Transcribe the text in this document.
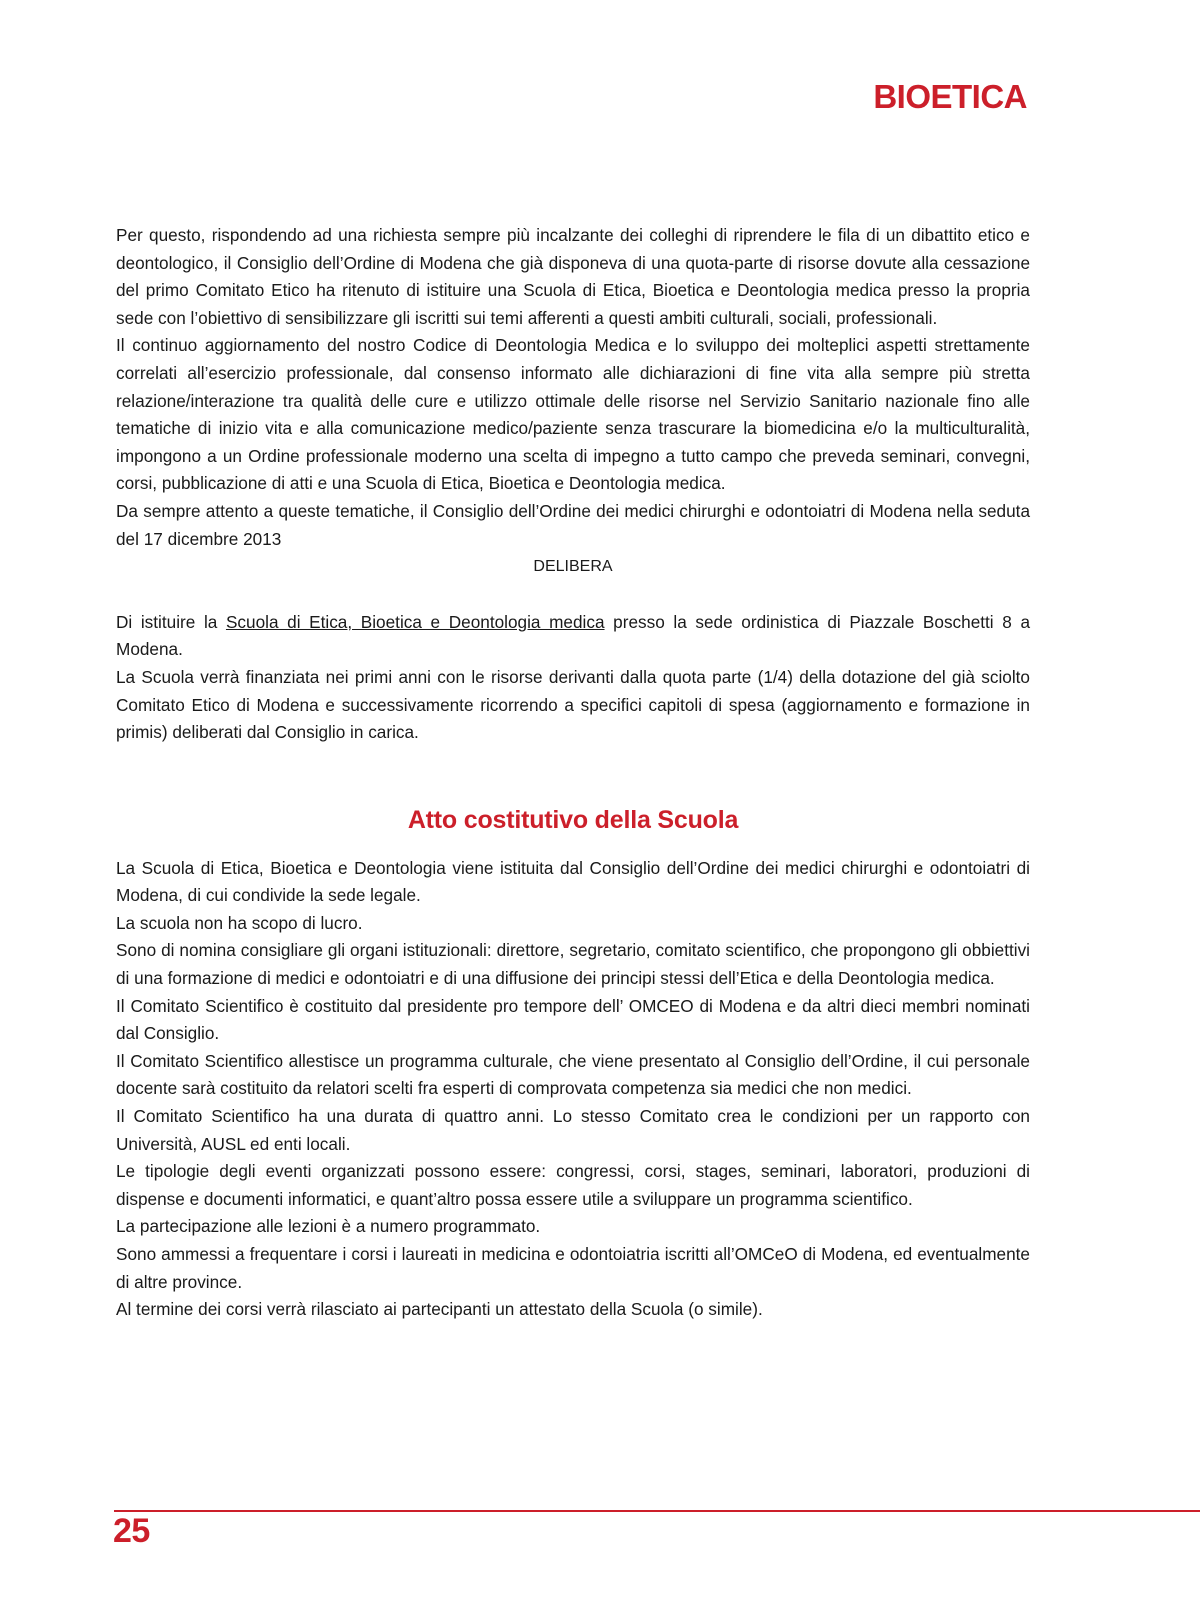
BIOETICA

Per questo, rispondendo ad una richiesta sempre più incalzante dei colleghi di riprendere le fila di un dibattito etico e deontologico, il Consiglio dell’Ordine di Modena che già disponeva di una quota-parte di risorse dovute alla cessazione del primo Comitato Etico ha ritenuto di istituire una Scuola di Etica, Bioetica e Deontologia medica presso la propria sede con l’obiettivo di sensibilizzare gli iscritti sui temi afferenti a questi ambiti culturali, sociali, professionali.

Il continuo aggiornamento del nostro Codice di Deontologia Medica e lo sviluppo dei molteplici aspetti strettamente correlati all’esercizio professionale, dal consenso informato alle dichiarazioni di fine vita alla sempre più stretta relazione/interazione tra qualità delle cure e utilizzo ottimale delle risorse nel Servizio Sanitario nazionale fino alle tematiche di inizio vita e alla comunicazione medico/paziente senza trascurare la biomedicina e/o la multiculturalità, impongono a un Ordine professionale moderno una scelta di impegno a tutto campo che preveda seminari, convegni, corsi, pubblicazione di atti e una Scuola di Etica, Bioetica e Deontologia medica.

Da sempre attento a queste tematiche, il Consiglio dell’Ordine dei medici chirurghi e odontoiatri di Modena nella seduta del 17 dicembre 2013

DELIBERA

Di istituire la Scuola di Etica, Bioetica e Deontologia medica presso la sede ordinistica di Piazzale Boschetti 8 a Modena.

La Scuola verrà finanziata nei primi anni con le risorse derivanti dalla quota parte (1/4) della dotazione del già sciolto Comitato Etico di Modena e successivamente ricorrendo a specifici capitoli di spesa (aggiornamento e formazione in primis) deliberati dal Consiglio in carica.

Atto costitutivo della Scuola

La Scuola di Etica, Bioetica e Deontologia viene istituita dal Consiglio dell’Ordine dei medici chirurghi e odontoiatri di Modena, di cui condivide la sede legale.

La scuola non ha scopo di lucro.

Sono di nomina consigliare gli organi istituzionali: direttore, segretario, comitato scientifico, che propongono gli obbiettivi di una formazione di medici e odontoiatri e di una diffusione dei principi stessi dell’Etica e della Deontologia medica.

Il Comitato Scientifico è costituito dal presidente pro tempore dell’ OMCEO di Modena e da altri dieci membri nominati dal Consiglio.

Il Comitato Scientifico allestisce un programma culturale, che viene presentato al Consiglio dell’Ordine, il cui personale docente sarà costituito da relatori scelti fra esperti di comprovata competenza sia medici che non medici.

Il Comitato Scientifico ha una durata di quattro anni. Lo stesso Comitato crea le condizioni per un rapporto con Università, AUSL ed enti locali.

Le tipologie degli eventi organizzati possono essere: congressi, corsi, stages, seminari, laboratori, produzioni di dispense e documenti informatici, e quant’altro possa essere utile a sviluppare un programma scientifico.

La partecipazione alle lezioni è a numero programmato.

Sono ammessi a frequentare i corsi i laureati in medicina e odontoiatria iscritti all’OMCeO di Modena, ed eventualmente di altre province.

Al termine dei corsi verrà rilasciato ai partecipanti un attestato della Scuola (o simile).

25
